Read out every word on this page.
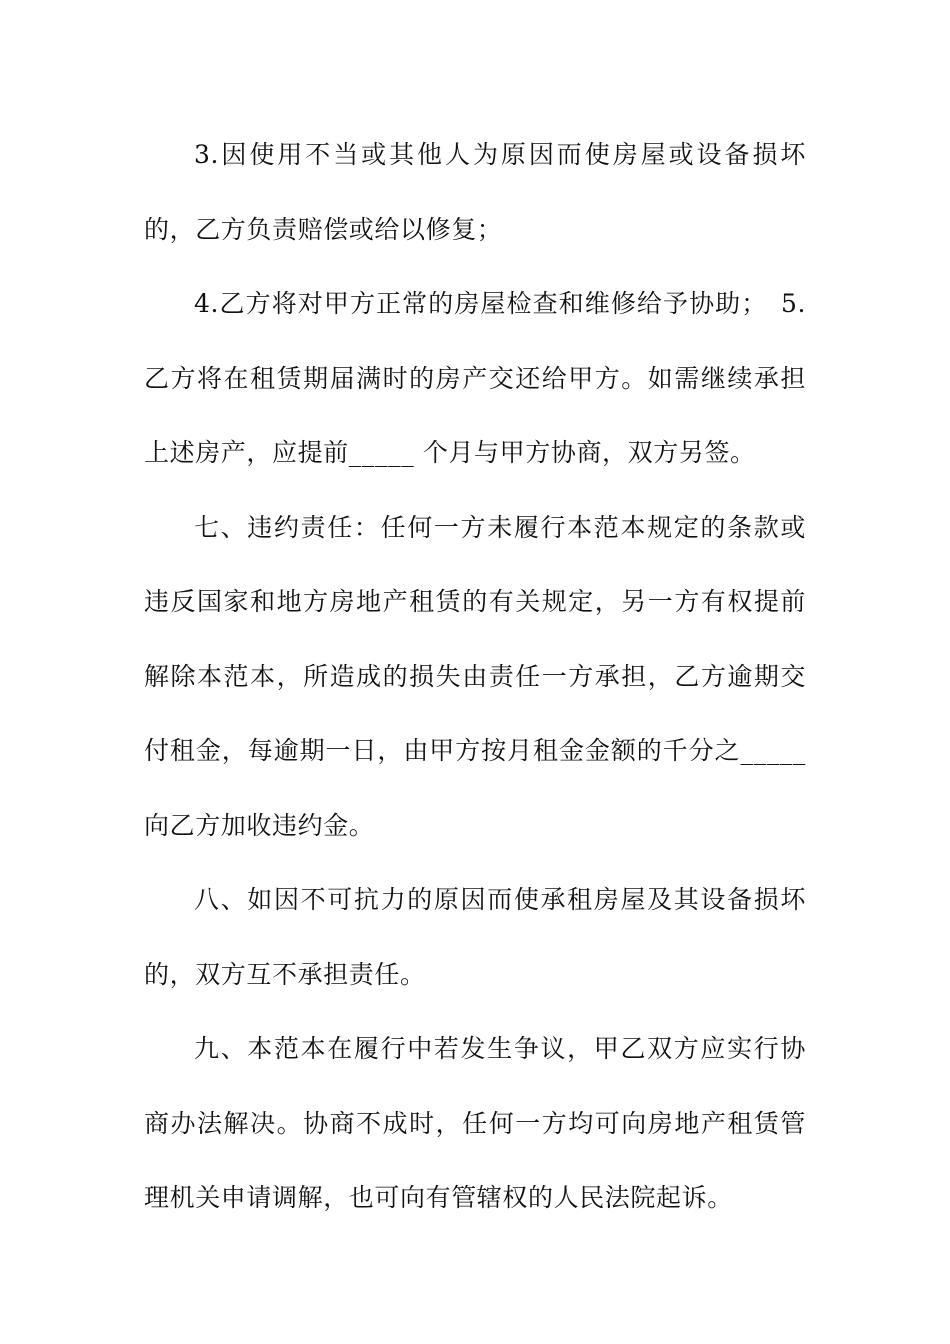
3.因使用不当或其他人为原因而使房屋或设备损坏的，乙方负责赔偿或给以修复；

4.乙方将对甲方正常的房屋检查和维修给予协助；　5.乙方将在租赁期届满时的房产交还给甲方。如需继续承担上述房产，应提前_____ 个月与甲方协商，双方另签。

七、违约责任：任何一方未履行本范本规定的条款或违反国家和地方房地产租赁的有关规定，另一方有权提前解除本范本，所造成的损失由责任一方承担，乙方逾期交付租金，每逾期一日，由甲方按月租金金额的千分之_____ 向乙方加收违约金。

八、如因不可抗力的原因而使承租房屋及其设备损坏的，双方互不承担责任。

九、本范本在履行中若发生争议，甲乙双方应实行协商办法解决。协商不成时，任何一方均可向房地产租赁管理机关申请调解，也可向有管辖权的人民法院起诉。
